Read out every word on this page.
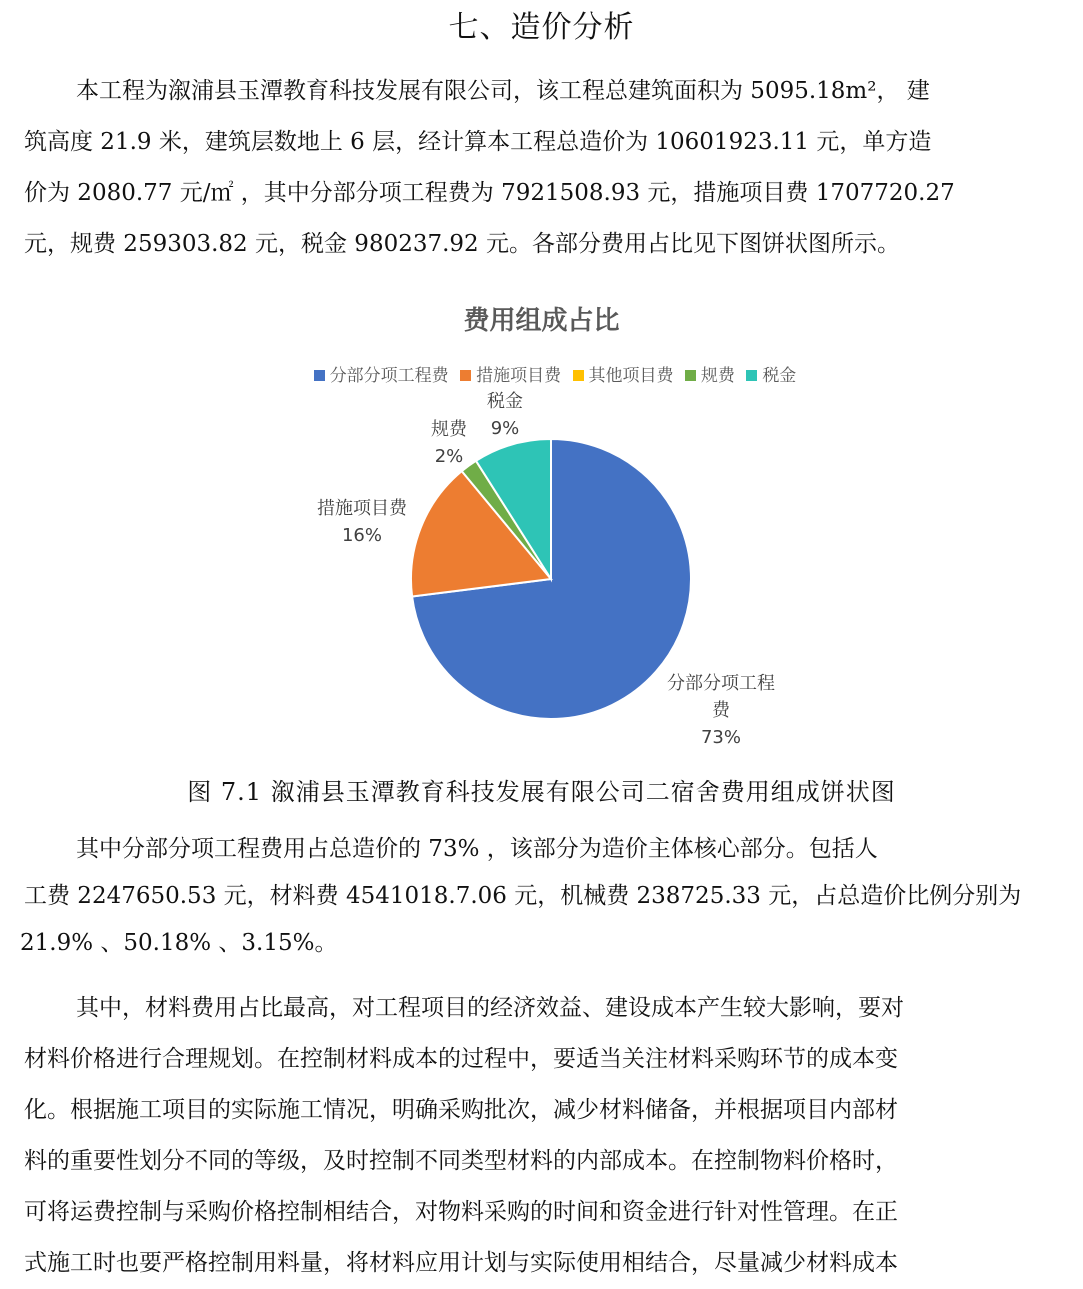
七、造价分析
本工程为溆浦县玉潭教育科技发展有限公司，该工程总建筑面积为 5095.18m²， 建
筑高度 21.9 米，建筑层数地上 6 层，经计算本工程总造价为 10601923.11 元，单方造
价为 2080.77 元/㎡ ，其中分部分项工程费为 7921508.93 元，措施项目费 1707720.27
元，规费 259303.82 元，税金 980237.92 元。各部分费用占比见下图饼状图所示。
费用组成占比
分部分项工程费 措施项目费 其他项目费 规费 税金
分部分项工程费 73%
措施项目费 16%
规费 2%
税金 9%
图 7.1 溆浦县玉潭教育科技发展有限公司二宿舍费用组成饼状图
其中分部分项工程费用占总造价的 73% ，该部分为造价主体核心部分。包括人
工费 2247650.53 元，材料费 4541018.7.06 元，机械费 238725.33 元，占总造价比例分别为
21.9% 、50.18% 、3.15%。
其中，材料费用占比最高，对工程项目的经济效益、建设成本产生较大影响，要对
材料价格进行合理规划。在控制材料成本的过程中，要适当关注材料采购环节的成本变
化。根据施工项目的实际施工情况，明确采购批次，减少材料储备，并根据项目内部材
料的重要性划分不同的等级，及时控制不同类型材料的内部成本。在控制物料价格时，
可将运费控制与采购价格控制相结合，对物料采购的时间和资金进行针对性管理。在正
式施工时也要严格控制用料量，将材料应用计划与实际使用相结合，尽量减少材料成本
